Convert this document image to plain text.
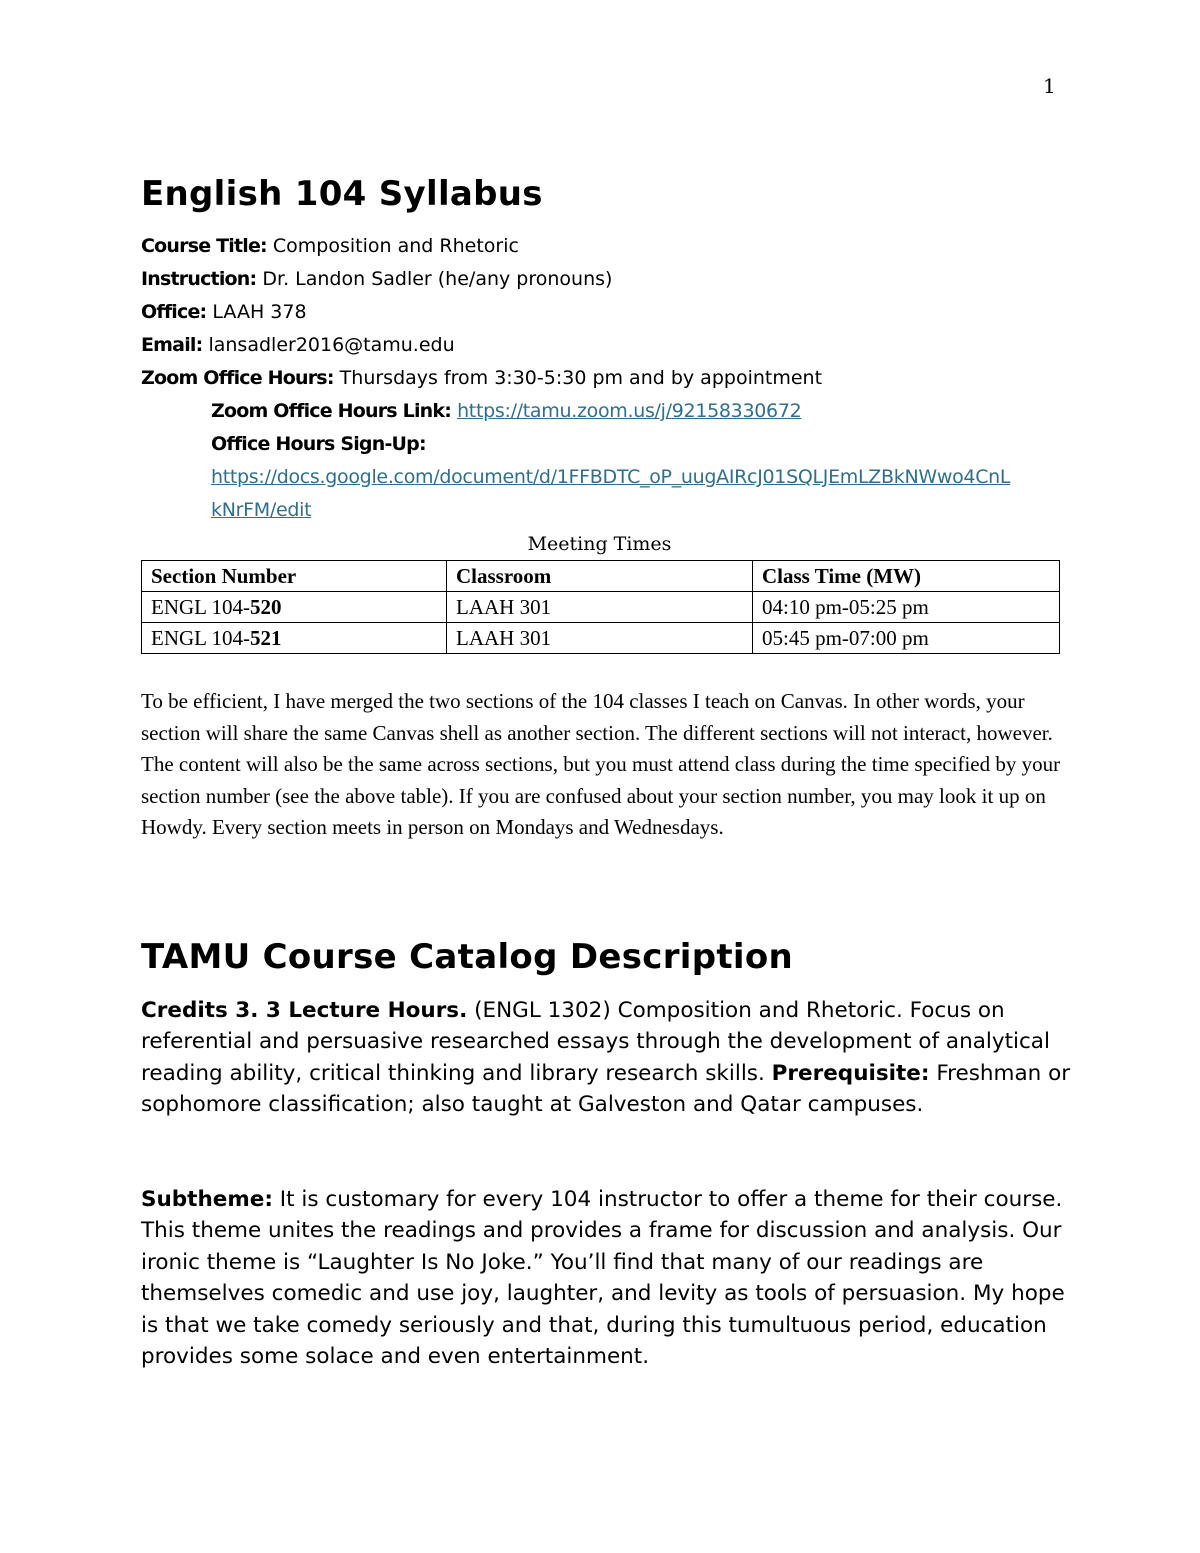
1
English 104 Syllabus
Course Title: Composition and Rhetoric
Instruction: Dr. Landon Sadler (he/any pronouns)
Office: LAAH 378
Email: lansadler2016@tamu.edu
Zoom Office Hours: Thursdays from 3:30-5:30 pm and by appointment
Zoom Office Hours Link: https://tamu.zoom.us/j/92158330672
Office Hours Sign-Up:
https://docs.google.com/document/d/1FFBDTC_oP_uugAIRcJ01SQLJEmLZBkNWwo4CnL
kNrFM/edit
Meeting Times
Section Number	Classroom	Class Time (MW)
ENGL 104-520	LAAH 301	04:10 pm-05:25 pm
ENGL 104-521	LAAH 301	05:45 pm-07:00 pm

To be efficient, I have merged the two sections of the 104 classes I teach on Canvas. In other words, your section will share the same Canvas shell as another section. The different sections will not interact, however. The content will also be the same across sections, but you must attend class during the time specified by your section number (see the above table). If you are confused about your section number, you may look it up on Howdy. Every section meets in person on Mondays and Wednesdays.

TAMU Course Catalog Description

Credits 3. 3 Lecture Hours. (ENGL 1302) Composition and Rhetoric. Focus on referential and persuasive researched essays through the development of analytical reading ability, critical thinking and library research skills. Prerequisite: Freshman or sophomore classification; also taught at Galveston and Qatar campuses.

Subtheme: It is customary for every 104 instructor to offer a theme for their course. This theme unites the readings and provides a frame for discussion and analysis. Our ironic theme is “Laughter Is No Joke.” You’ll find that many of our readings are themselves comedic and use joy, laughter, and levity as tools of persuasion. My hope is that we take comedy seriously and that, during this tumultuous period, education provides some solace and even entertainment.
